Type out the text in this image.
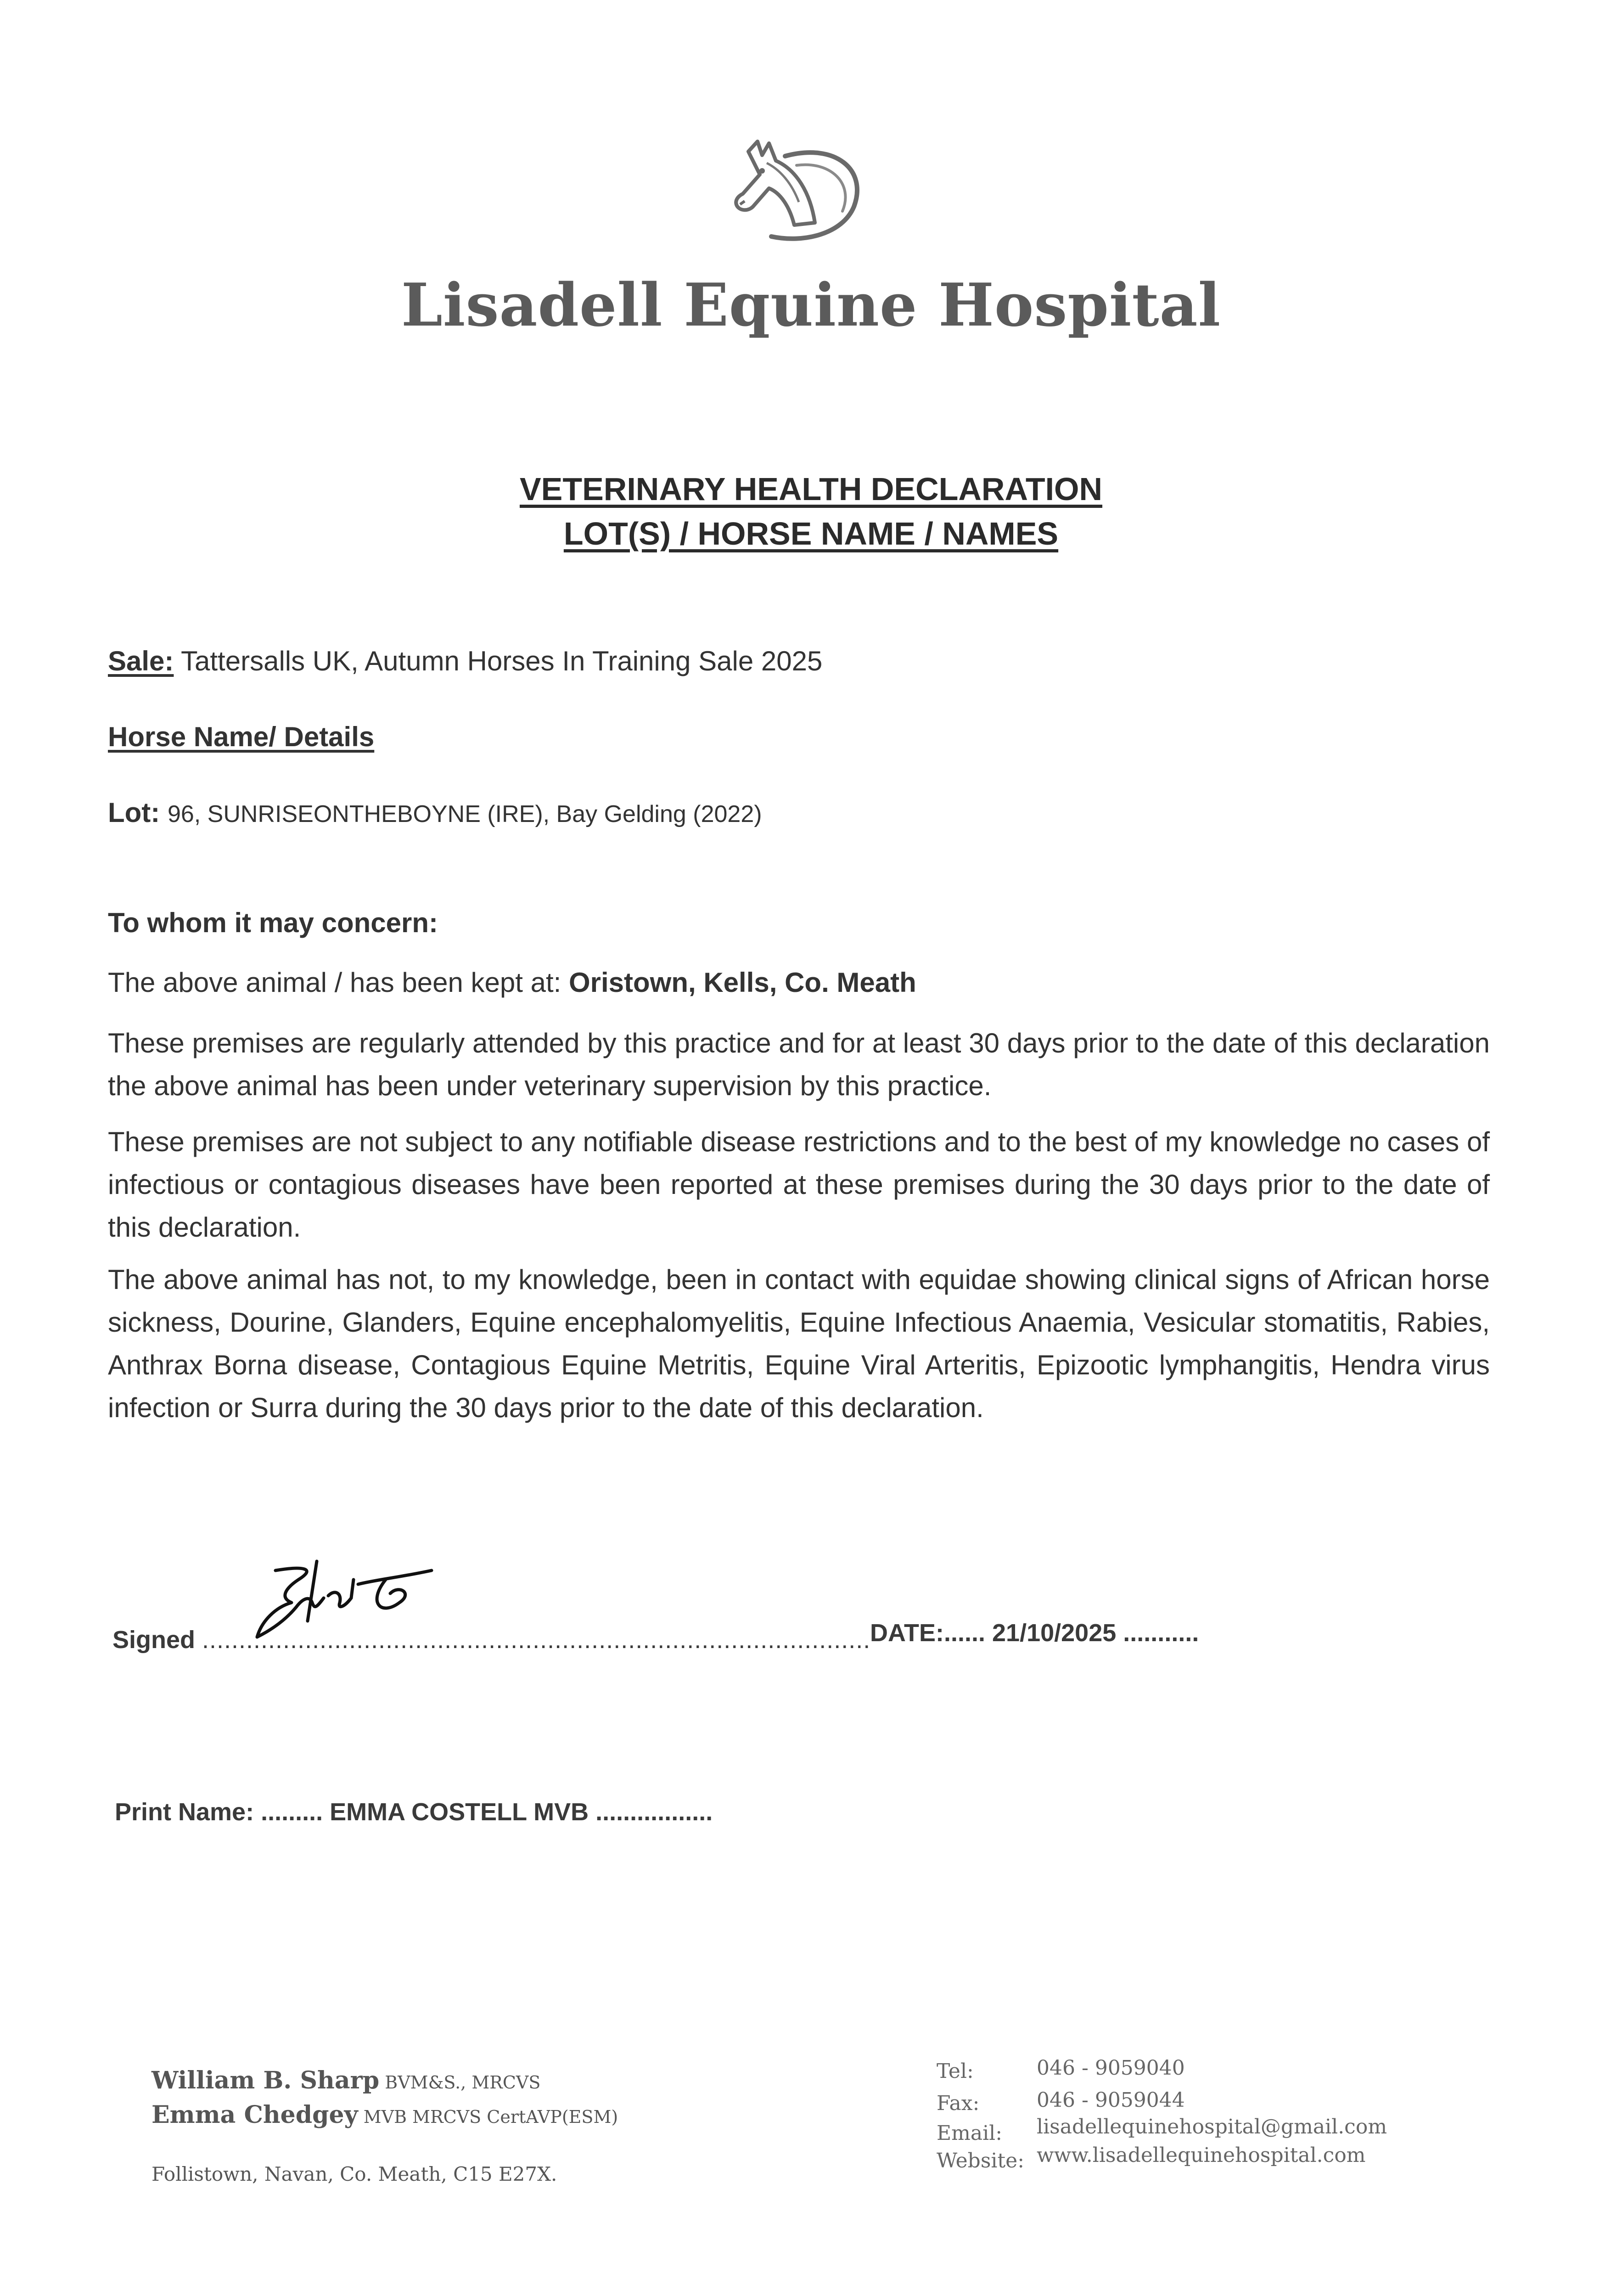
Lisadell Equine Hospital
VETERINARY HEALTH DECLARATION
LOT(S) / HORSE NAME / NAMES
Sale: Tattersalls UK, Autumn Horses In Training Sale 2025
Horse Name/ Details
Lot: 96, SUNRISEONTHEBOYNE (IRE), Bay Gelding (2022)
To whom it may concern:
The above animal / has been kept at: Oristown, Kells, Co. Meath
These premises are regularly attended by this practice and for at least 30 days prior to the date of this declaration the above animal has been under veterinary supervision by this practice.
These premises are not subject to any notifiable disease restrictions and to the best of my knowledge no cases of infectious or contagious diseases have been reported at these premises during the 30 days prior to the date of this declaration.
The above animal has not, to my knowledge, been in contact with equidae showing clinical signs of African horse sickness, Dourine, Glanders, Equine encephalomyelitis, Equine Infectious Anaemia, Vesicular stomatitis, Rabies, Anthrax Borna disease, Contagious Equine Metritis, Equine Viral Arteritis, Epizootic lymphangitis, Hendra virus infection or Surra during the 30 days prior to the date of this declaration.
Signed ...........................................................................................
DATE:...... 21/10/2025 ...........
Print Name: ......... EMMA COSTELL MVB .................
William B. Sharp BVM&S., MRCVS
Emma Chedgey MVB MRCVS CertAVP(ESM)
Follistown, Navan, Co. Meath, C15 E27X.
Tel:	046 - 9059040
Fax:	046 - 9059044
Email:	lisadellequinehospital@gmail.com
Website: www.lisadellequinehospital.com
